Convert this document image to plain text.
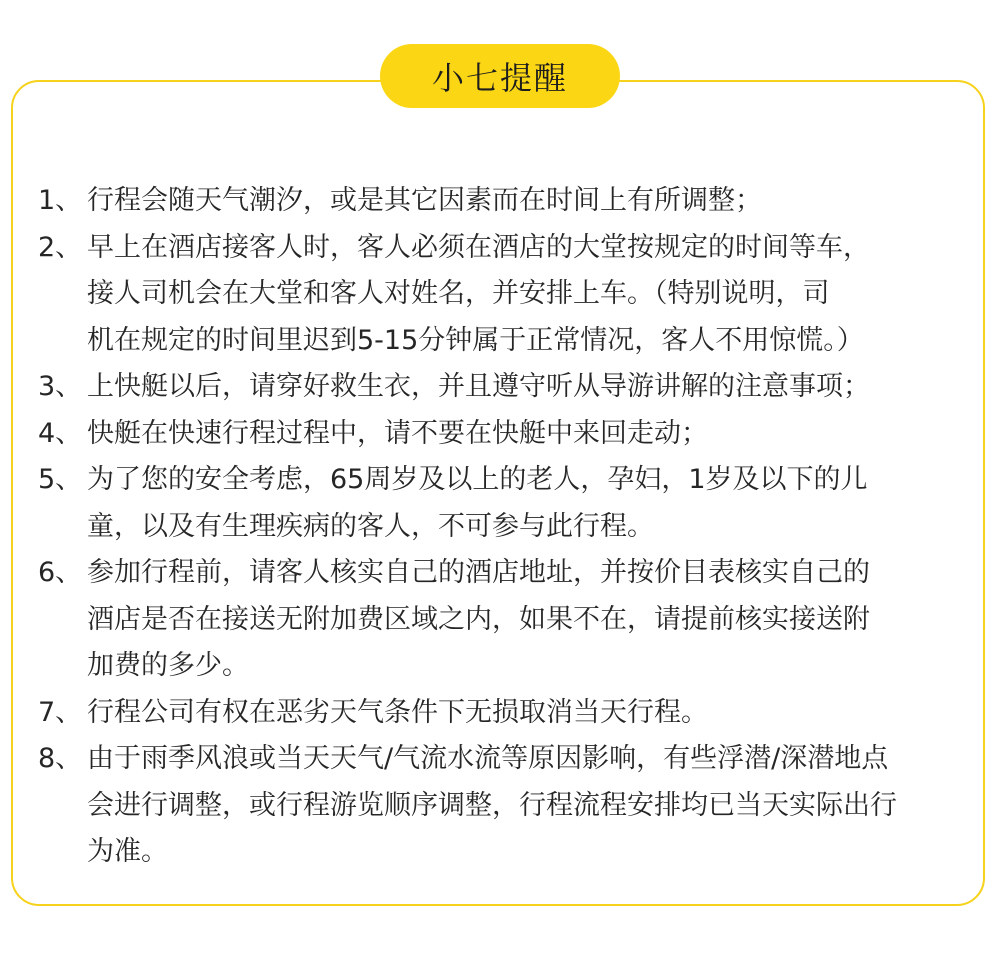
小七提醒
1、 行程会随天气潮汐，或是其它因素而在时间上有所调整；
2、 早上在酒店接客人时，客人必须在酒店的大堂按规定的时间等车，
接人司机会在大堂和客人对姓名，并安排上车。（特别说明，司
机在规定的时间里迟到5-15分钟属于正常情况，客人不用惊慌。）
3、 上快艇以后，请穿好救生衣，并且遵守听从导游讲解的注意事项；
4、 快艇在快速行程过程中，请不要在快艇中来回走动；
5、 为了您的安全考虑，65周岁及以上的老人，孕妇，1岁及以下的儿
童，以及有生理疾病的客人，不可参与此行程。
6、 参加行程前，请客人核实自己的酒店地址，并按价目表核实自己的
酒店是否在接送无附加费区域之内，如果不在，请提前核实接送附
加费的多少。
7、 行程公司有权在恶劣天气条件下无损取消当天行程。
8、 由于雨季风浪或当天天气/气流水流等原因影响，有些浮潜/深潜地点
会进行调整，或行程游览顺序调整，行程流程安排均已当天实际出行
为准。
